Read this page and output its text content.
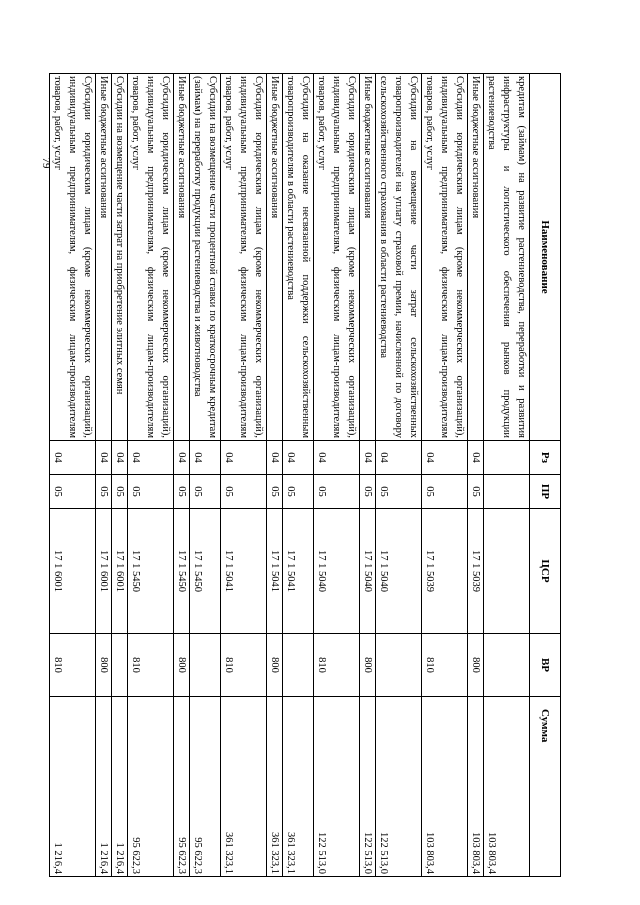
79
Наименование	Рз	ПР	ЦСР	ВР	Сумма
кредитам (займам) на развитие растениеводства, переработки и развития инфраструктуры и логистического обеспечения рынков продукции растениеводства					103 803,4
Иные бюджетные ассигнования	04	05	17 1 5039	800	103 803,4
Субсидии юридическим лицам (кроме некоммерческих организаций), индивидуальным предпринимателям, физическим лицам-производителям товаров, работ, услуг	04	05	17 1 5039	810	103 803,4
Субсидии на возмещение части затрат сельскохозяйственных товаропроизводителей на уплату страховой премии, начисленной по договору сельскохозяйственного страхования в области растениеводства	04	05	17 1 5040		122 513,0
Иные бюджетные ассигнования	04	05	17 1 5040	800	122 513,0
Субсидии юридическим лицам (кроме некоммерческих организаций), индивидуальным предпринимателям, физическим лицам-производителям товаров, работ, услуг	04	05	17 1 5040	810	122 513,0
Субсидии на оказание несвязанной поддержки сельскохозяйственным товаропроизводителям в области растениеводства	04	05	17 1 5041		361 323,1
Иные бюджетные ассигнования	04	05	17 1 5041	800	361 323,1
Субсидии юридическим лицам (кроме некоммерческих организаций), индивидуальным предпринимателям, физическим лицам-производителям товаров, работ, услуг	04	05	17 1 5041	810	361 323,1
Субсидии на возмещение части процентной ставки по краткосрочным кредитам (займам) на переработку продукции растениеводства и животноводства	04	05	17 1 5450		95 622,3
Иные бюджетные ассигнования	04	05	17 1 5450	800	95 622,3
Субсидии юридическим лицам (кроме некоммерческих организаций), индивидуальным предпринимателям, физическим лицам-производителям товаров, работ, услуг	04	05	17 1 5450	810	95 622,3
Субсидии на возмещение части затрат на приобретение элитных семян	04	05	17 1 6001		1 216,4
Иные бюджетные ассигнования	04	05	17 1 6001	800	1 216,4
Субсидии юридическим лицам (кроме некоммерческих организаций), индивидуальным предпринимателям, физическим лицам-производителям товаров, работ, услуг	04	05	17 1 6001	810	1 216,4
